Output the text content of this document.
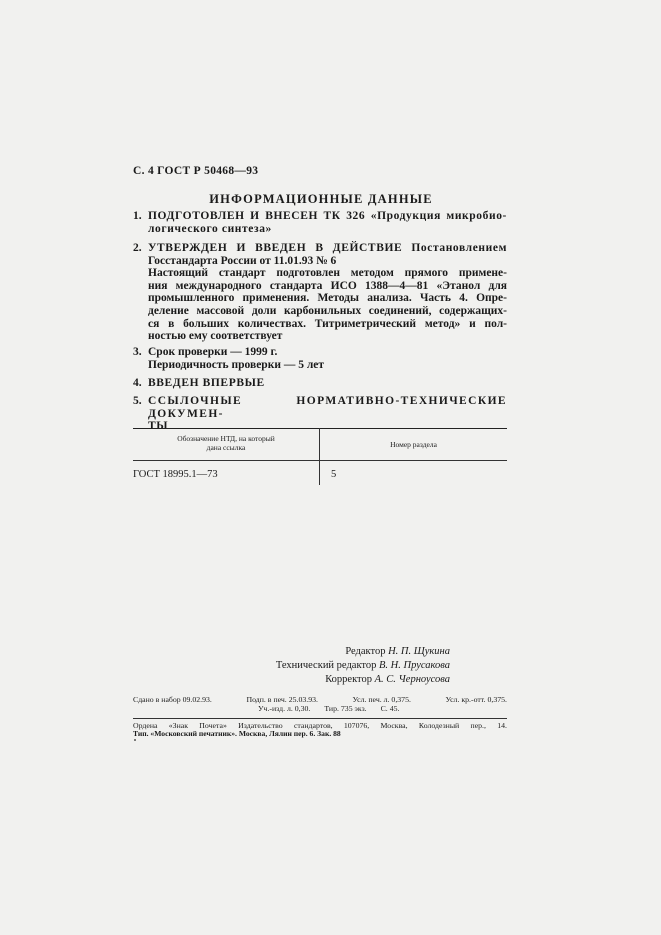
С. 4 ГОСТ Р 50468—93
ИНФОРМАЦИОННЫЕ ДАННЫЕ
1. ПОДГОТОВЛЕН И ВНЕСЕН ТК 326 «Продукция микробио-
логического синтеза»
2. УТВЕРЖДЕН И ВВЕДЕН В ДЕЙСТВИЕ Постановлением
Госстандарта России от 11.01.93 № 6
Настоящий стандарт подготовлен методом прямого примене-
ния международного стандарта ИСО 1388—4—81 «Этанол для
промышленного применения. Методы анализа. Часть 4. Опре-
деление массовой доли карбонильных соединений, содержащих-
ся в больших количествах. Титриметрический метод» и пол-
ностью ему соответствует
3. Срок проверки — 1999 г.
Периодичность проверки — 5 лет
4. ВВЕДЕН ВПЕРВЫЕ
5. ССЫЛОЧНЫЕ НОРМАТИВНО-ТЕХНИЧЕСКИЕ ДОКУМЕН-
ТЫ
Обозначение НТД, на который
дана ссылка	Номер раздела
ГОСТ 18995.1—73	5
Редактор Н. П. Щукина
Технический редактор В. Н. Прусакова
Корректор А. С. Черноусова
Сдано в набор 09.02.93.	Подп. в печ. 25.03.93.	Усл. печ. л. 0,375.	Усл. кр.-отт. 0,375.
Уч.-изд. л. 0,30. Тир. 735 экз. С. 45.
Ордена «Знак Почета» Издательство стандартов, 107076, Москва, Колодезный пер., 14.
Тип. «Московский печатник». Москва, Лялин пер. 6. Зак. 88
